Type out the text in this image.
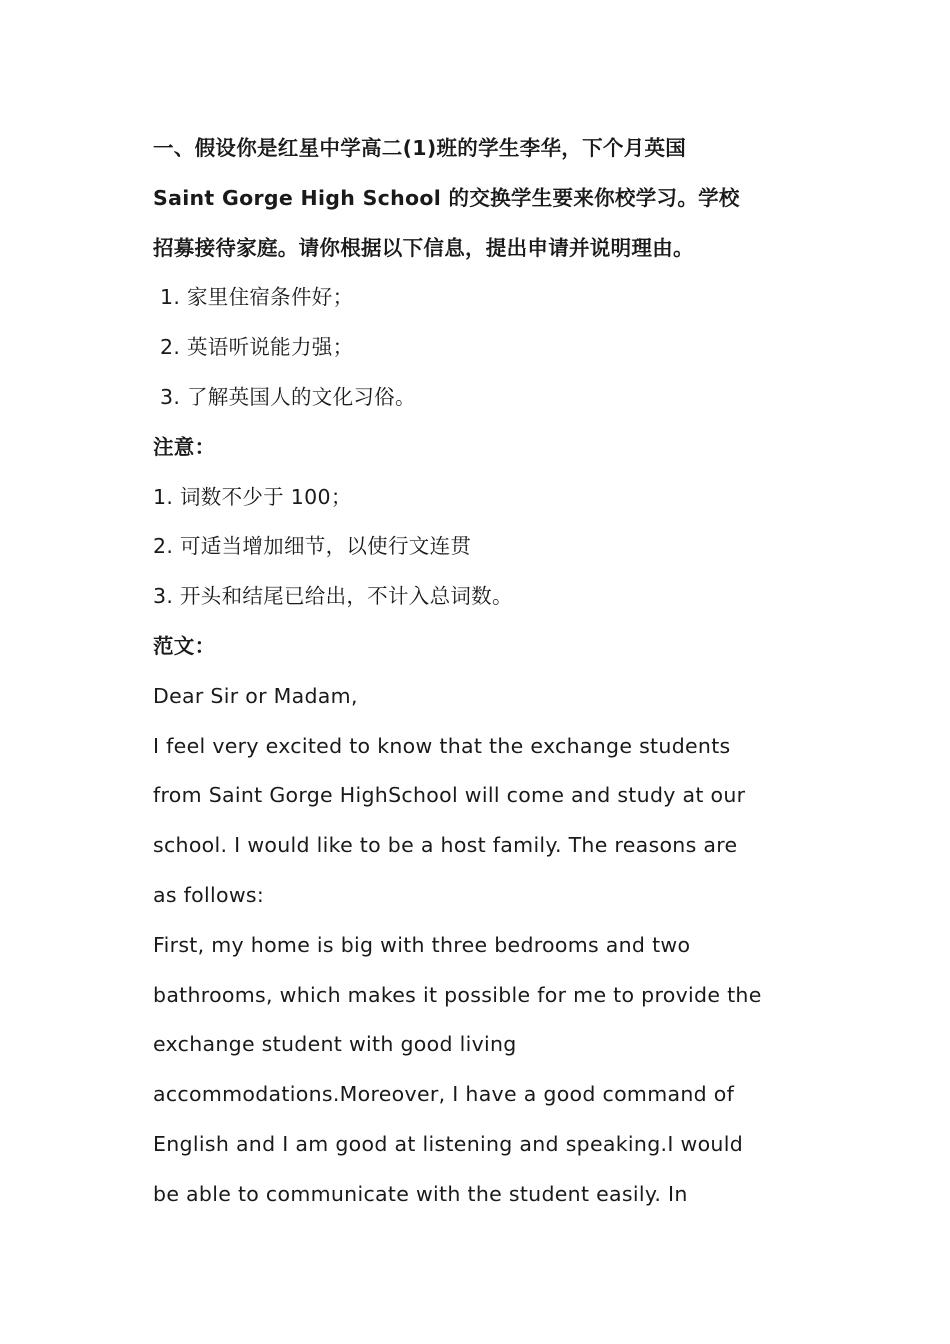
一、假设你是红星中学高二(1)班的学生李华，下个月英国
Saint Gorge High School 的交换学生要来你校学习。学校
招募接待家庭。请你根据以下信息，提出申请并说明理由。
1. 家里住宿条件好；
2. 英语听说能力强；
3. 了解英国人的文化习俗。
注意：
1. 词数不少于 100；
2. 可适当增加细节，以使行文连贯
3. 开头和结尾已给出，不计入总词数。
范文：
Dear Sir or Madam,
I feel very excited to know that the exchange students
from Saint Gorge HighSchool will come and study at our
school. I would like to be a host family. The reasons are
as follows:
First, my home is big with three bedrooms and two
bathrooms, which makes it possible for me to provide the
exchange student with good living
accommodations.Moreover, I have a good command of
English and I am good at listening and speaking.I would
be able to communicate with the student easily. In
